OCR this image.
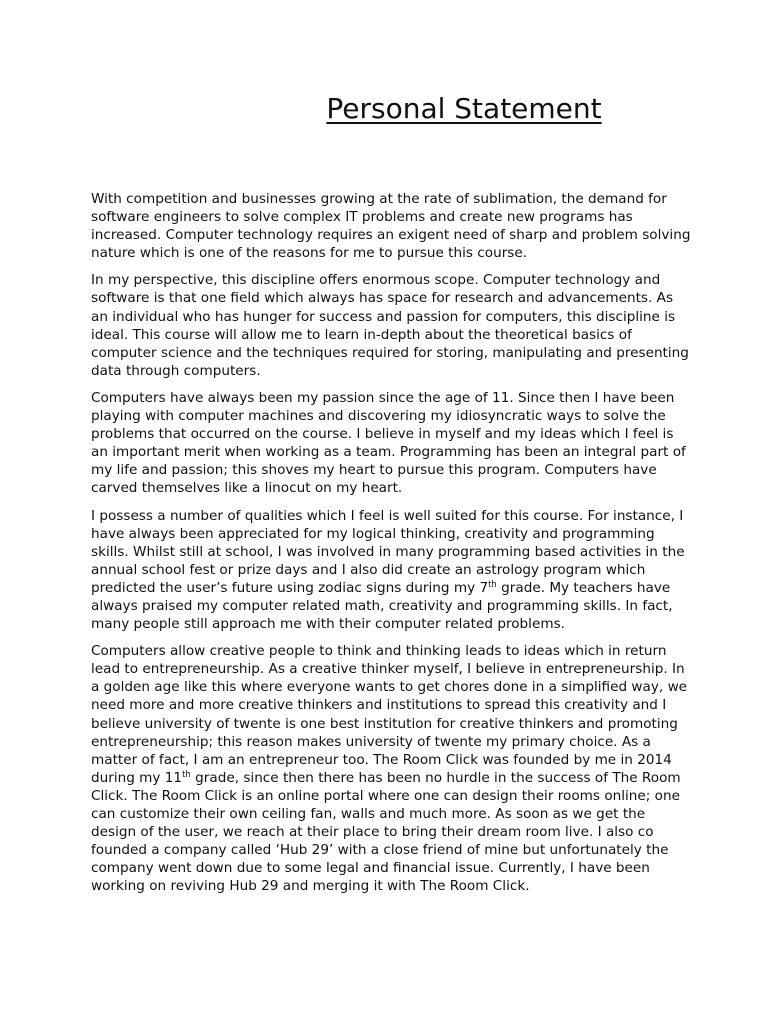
Personal Statement

With competition and businesses growing at the rate of sublimation, the demand for software engineers to solve complex IT problems and create new programs has increased. Computer technology requires an exigent need of sharp and problem solving nature which is one of the reasons for me to pursue this course.

In my perspective, this discipline offers enormous scope. Computer technology and software is that one field which always has space for research and advancements. As an individual who has hunger for success and passion for computers, this discipline is ideal. This course will allow me to learn in-depth about the theoretical basics of computer science and the techniques required for storing, manipulating and presenting data through computers.

Computers have always been my passion since the age of 11. Since then I have been playing with computer machines and discovering my idiosyncratic ways to solve the problems that occurred on the course. I believe in myself and my ideas which I feel is an important merit when working as a team. Programming has been an integral part of my life and passion; this shoves my heart to pursue this program. Computers have carved themselves like a linocut on my heart.

I possess a number of qualities which I feel is well suited for this course. For instance, I have always been appreciated for my logical thinking, creativity and programming skills. Whilst still at school, I was involved in many programming based activities in the annual school fest or prize days and I also did create an astrology program which predicted the user’s future using zodiac signs during my 7th grade. My teachers have always praised my computer related math, creativity and programming skills. In fact, many people still approach me with their computer related problems.

Computers allow creative people to think and thinking leads to ideas which in return lead to entrepreneurship. As a creative thinker myself, I believe in entrepreneurship. In a golden age like this where everyone wants to get chores done in a simplified way, we need more and more creative thinkers and institutions to spread this creativity and I believe university of twente is one best institution for creative thinkers and promoting entrepreneurship; this reason makes university of twente my primary choice. As a matter of fact, I am an entrepreneur too. The Room Click was founded by me in 2014 during my 11th grade, since then there has been no hurdle in the success of The Room Click. The Room Click is an online portal where one can design their rooms online; one can customize their own ceiling fan, walls and much more. As soon as we get the design of the user, we reach at their place to bring their dream room live. I also co founded a company called ‘Hub 29’ with a close friend of mine but unfortunately the company went down due to some legal and financial issue. Currently, I have been working on reviving Hub 29 and merging it with The Room Click.
